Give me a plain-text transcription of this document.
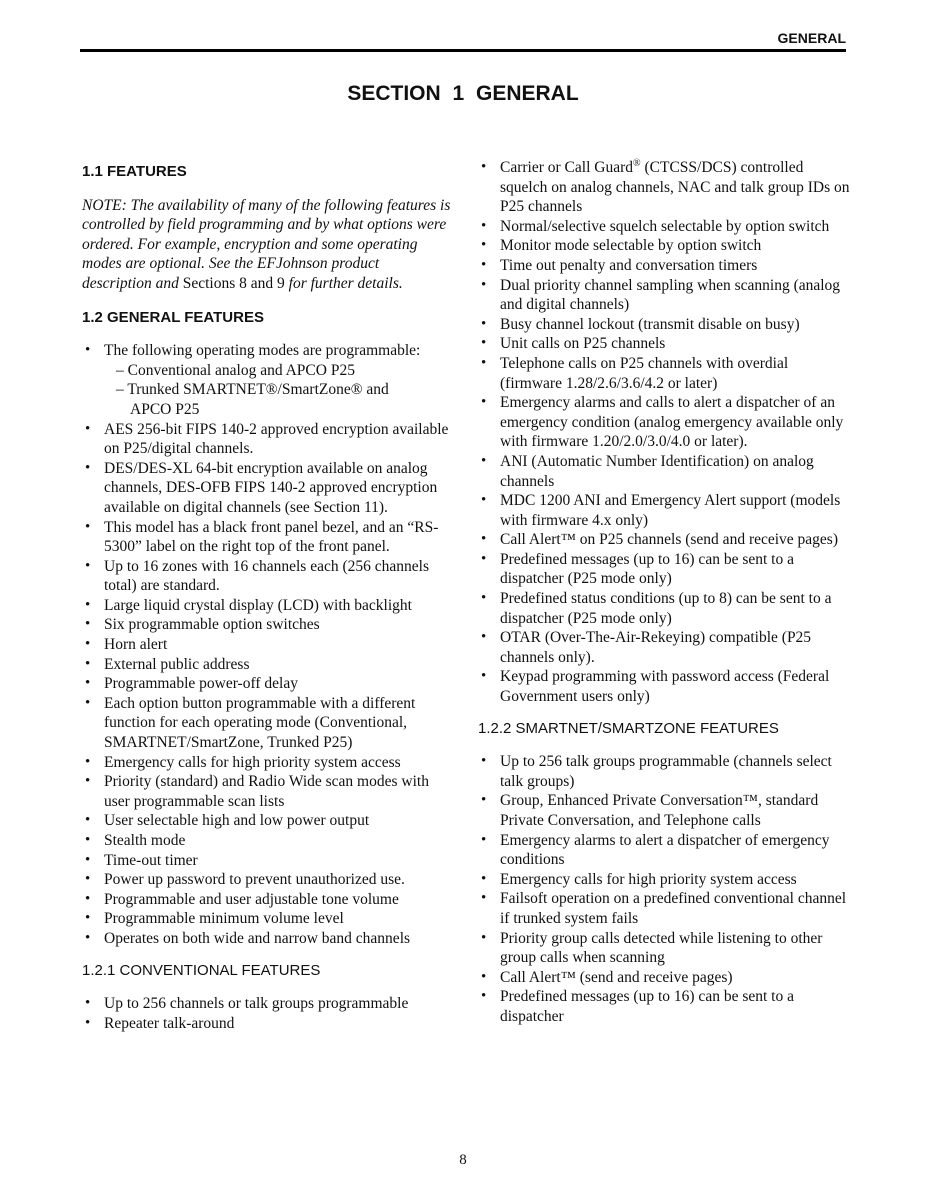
GENERAL
SECTION 1 GENERAL
1.1 FEATURES

NOTE: The availability of many of the following features is controlled by field programming and by what options were ordered. For example, encryption and some operating modes are optional. See the EFJohnson product description and Sections 8 and 9 for further details.

1.2 GENERAL FEATURES
• The following operating modes are programmable:
– Conventional analog and APCO P25
– Trunked SMARTNET®/SmartZone® and
APCO P25
• AES 256-bit FIPS 140-2 approved encryption available on P25/digital channels.
• DES/DES-XL 64-bit encryption available on analog channels, DES-OFB FIPS 140-2 approved encryption available on digital channels (see Section 11).
• This model has a black front panel bezel, and an “RS-5300” label on the right top of the front panel.
• Up to 16 zones with 16 channels each (256 channels total) are standard.
• Large liquid crystal display (LCD) with backlight
• Six programmable option switches
• Horn alert
• External public address
• Programmable power-off delay
• Each option button programmable with a different function for each operating mode (Conventional, SMARTNET/SmartZone, Trunked P25)
• Emergency calls for high priority system access
• Priority (standard) and Radio Wide scan modes with user programmable scan lists
• User selectable high and low power output
• Stealth mode
• Time-out timer
• Power up password to prevent unauthorized use.
• Programmable and user adjustable tone volume
• Programmable minimum volume level
• Operates on both wide and narrow band channels
1.2.1 CONVENTIONAL FEATURES
• Up to 256 channels or talk groups programmable
• Repeater talk-around
• Carrier or Call Guard® (CTCSS/DCS) controlled squelch on analog channels, NAC and talk group IDs on P25 channels
• Normal/selective squelch selectable by option switch
• Monitor mode selectable by option switch
• Time out penalty and conversation timers
• Dual priority channel sampling when scanning (analog and digital channels)
• Busy channel lockout (transmit disable on busy)
• Unit calls on P25 channels
• Telephone calls on P25 channels with overdial (firmware 1.28/2.6/3.6/4.2 or later)
• Emergency alarms and calls to alert a dispatcher of an emergency condition (analog emergency available only with firmware 1.20/2.0/3.0/4.0 or later).
• ANI (Automatic Number Identification) on analog channels
• MDC 1200 ANI and Emergency Alert support (models with firmware 4.x only)
• Call Alert™ on P25 channels (send and receive pages)
• Predefined messages (up to 16) can be sent to a dispatcher (P25 mode only)
• Predefined status conditions (up to 8) can be sent to a dispatcher (P25 mode only)
• OTAR (Over-The-Air-Rekeying) compatible (P25 channels only).
• Keypad programming with password access (Federal Government users only)
1.2.2 SMARTNET/SMARTZONE FEATURES
• Up to 256 talk groups programmable (channels select talk groups)
• Group, Enhanced Private Conversation™, standard Private Conversation, and Telephone calls
• Emergency alarms to alert a dispatcher of emergency conditions
• Emergency calls for high priority system access
• Failsoft operation on a predefined conventional channel if trunked system fails
• Priority group calls detected while listening to other group calls when scanning
• Call Alert™ (send and receive pages)
• Predefined messages (up to 16) can be sent to a dispatcher
8
